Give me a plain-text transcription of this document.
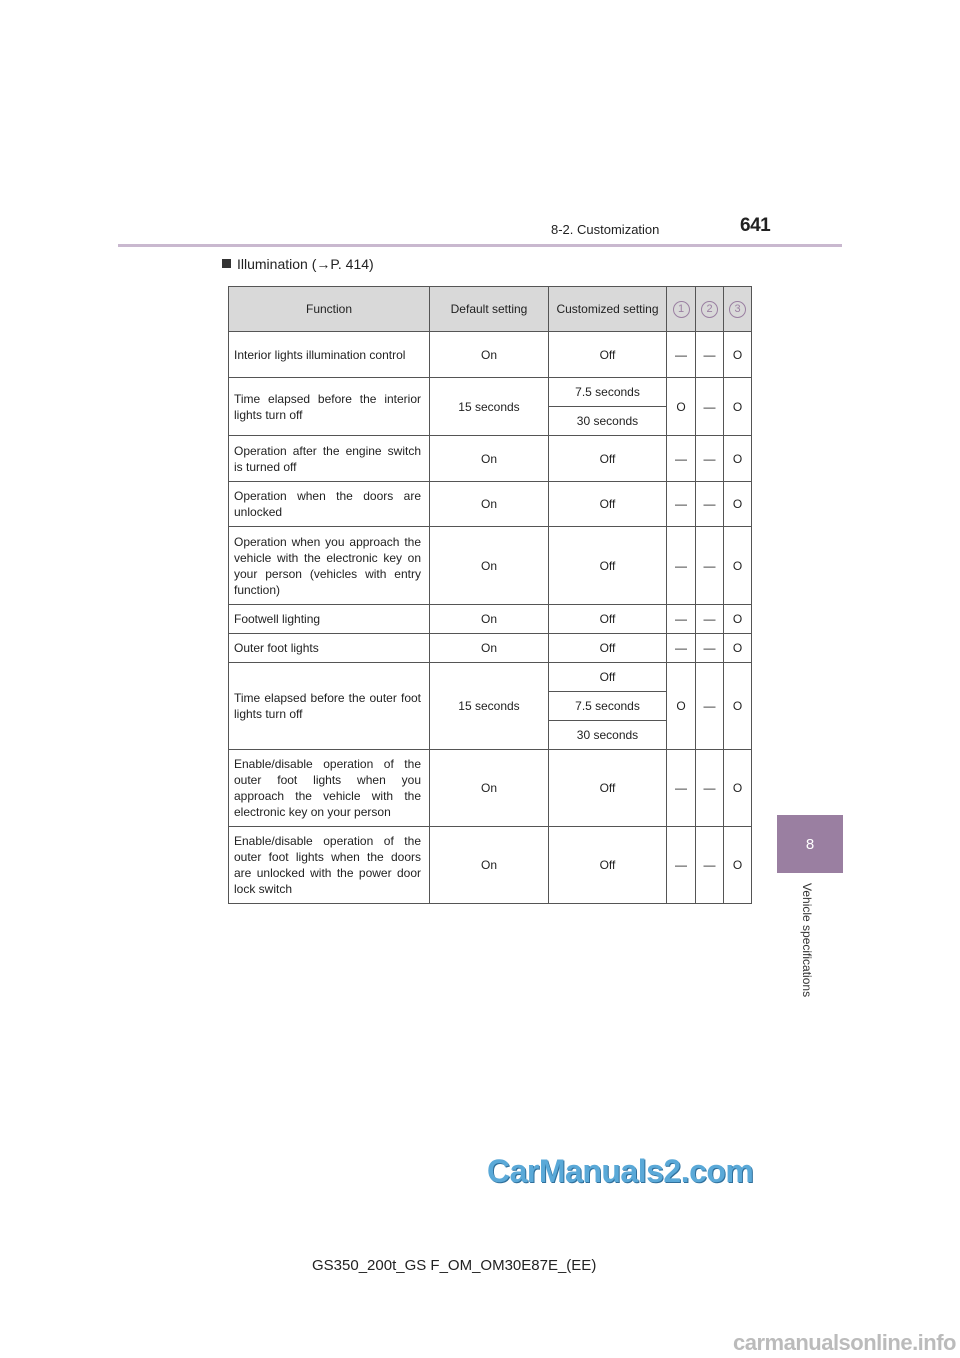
8-2. Customization	641
Illumination (→P. 414)
Function	Default setting	Customized setting	1	2	3
Interior lights illumination control	On	Off	—	—	O
Time elapsed before the interior lights turn off	15 seconds	7.5 seconds	O	—	O
		30 seconds			
Operation after the engine switch is turned off	On	Off	—	—	O
Operation when the doors are unlocked	On	Off	—	—	O
Operation when you approach the vehicle with the electronic key on your person (vehicles with entry function)	On	Off	—	—	O
Footwell lighting	On	Off	—	—	O
Outer foot lights	On	Off	—	—	O
Time elapsed before the outer foot lights turn off	15 seconds	Off	O	—	O
		7.5 seconds			
		30 seconds			
Enable/disable operation of the outer foot lights when you approach the vehicle with the electronic key on your person	On	Off	—	—	O
Enable/disable operation of the outer foot lights when the doors are unlocked with the power door lock switch	On	Off	—	—	O
8
Vehicle specifications
CarManuals2.com
GS350_200t_GS F_OM_OM30E87E_(EE)
carmanualsonline.info
